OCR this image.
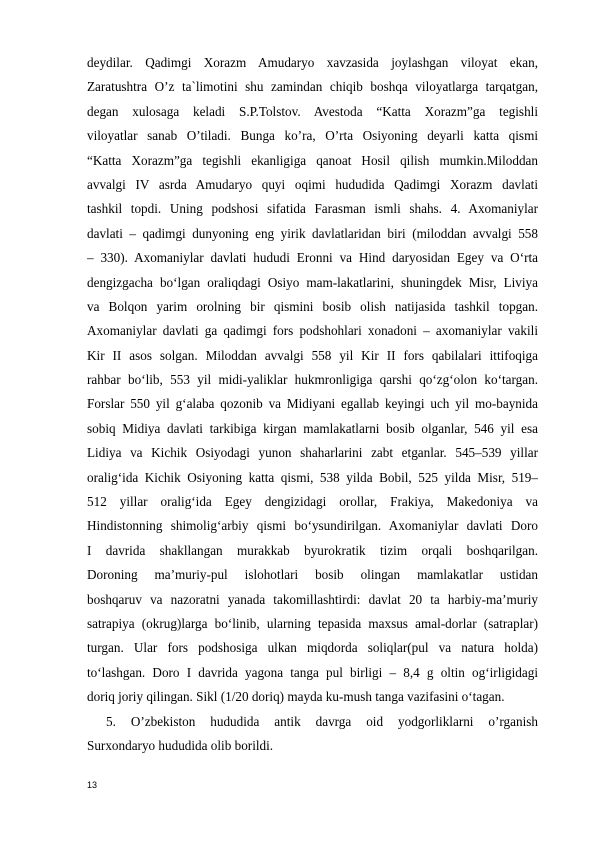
deydilar. Qadimgi Xorazm Amudaryo xavzasida joylashgan viloyat ekan,
Zaratushtra O’z ta`limotini shu zamindan chiqib boshqa viloyatlarga tarqatgan,
degan xulosaga keladi S.P.Tolstov. Avestoda “Katta Xorazm”ga tegishli
viloyatlar sanab O’tiladi. Bunga ko’ra, O’rta Osiyoning deyarli katta qismi
“Katta Xorazm”ga tegishli ekanligiga qanoat Hosil qilish mumkin.Miloddan
avvalgi IV asrda Amudaryo quyi oqimi hududida Qadimgi Xorazm davlati
tashkil topdi. Uning podshosi sifatida Farasman ismli shahs. 4. Axomaniylar
davlati – qadimgi dunyoning eng yirik davlatlaridan biri (miloddan avvalgi 558
– 330). Axomaniylar davlati hududi Eronni va Hind daryosidan Egey va O‘rta
dengizgacha bo‘lgan oraliqdagi Osiyo mam-lakatlarini, shuningdek Misr, Liviya
va Bolqon yarim orolning bir qismini bosib olish natijasida tashkil topgan.
Axomaniylar davlati ga qadimgi fors podshohlari xonadoni – axomaniylar vakili
Kir II asos solgan. Miloddan avvalgi 558 yil Kir II fors qabilalari ittifoqiga
rahbar bo‘lib, 553 yil midi-yaliklar hukmronligiga qarshi qo‘zg‘olon ko‘targan.
Forslar 550 yil g‘alaba qozonib va Midiyani egallab keyingi uch yil mo-baynida
sobiq Midiya davlati tarkibiga kirgan mamlakatlarni bosib olganlar, 546 yil esa
Lidiya va Kichik Osiyodagi yunon shaharlarini zabt etganlar. 545–539 yillar
oralig‘ida Kichik Osiyoning katta qismi, 538 yilda Bobil, 525 yilda Misr, 519–
512 yillar oralig‘ida Egey dengizidagi orollar, Frakiya, Makedoniya va
Hindistonning shimolig‘arbiy qismi bo‘ysundirilgan. Axomaniylar davlati Doro
I davrida shakllangan murakkab byurokratik tizim orqali boshqarilgan.
Doroning ma’muriy-pul islohotlari bosib olingan mamlakatlar ustidan
boshqaruv va nazoratni yanada takomillashtirdi: davlat 20 ta harbiy-ma’muriy
satrapiya (okrug)larga bo‘linib, ularning tepasida maxsus amal-dorlar (satraplar)
turgan. Ular fors podshosiga ulkan miqdorda soliqlar(pul va natura holda)
to‘lashgan. Doro I davrida yagona tanga pul birligi – 8,4 g oltin og‘irligidagi
doriq joriy qilingan. Sikl (1/20 doriq) mayda ku-mush tanga vazifasini o‘tagan.
5. O’zbekiston hududida antik davrga oid yodgorliklarni o’rganish
Surxondaryo hududida olib borildi.
13
